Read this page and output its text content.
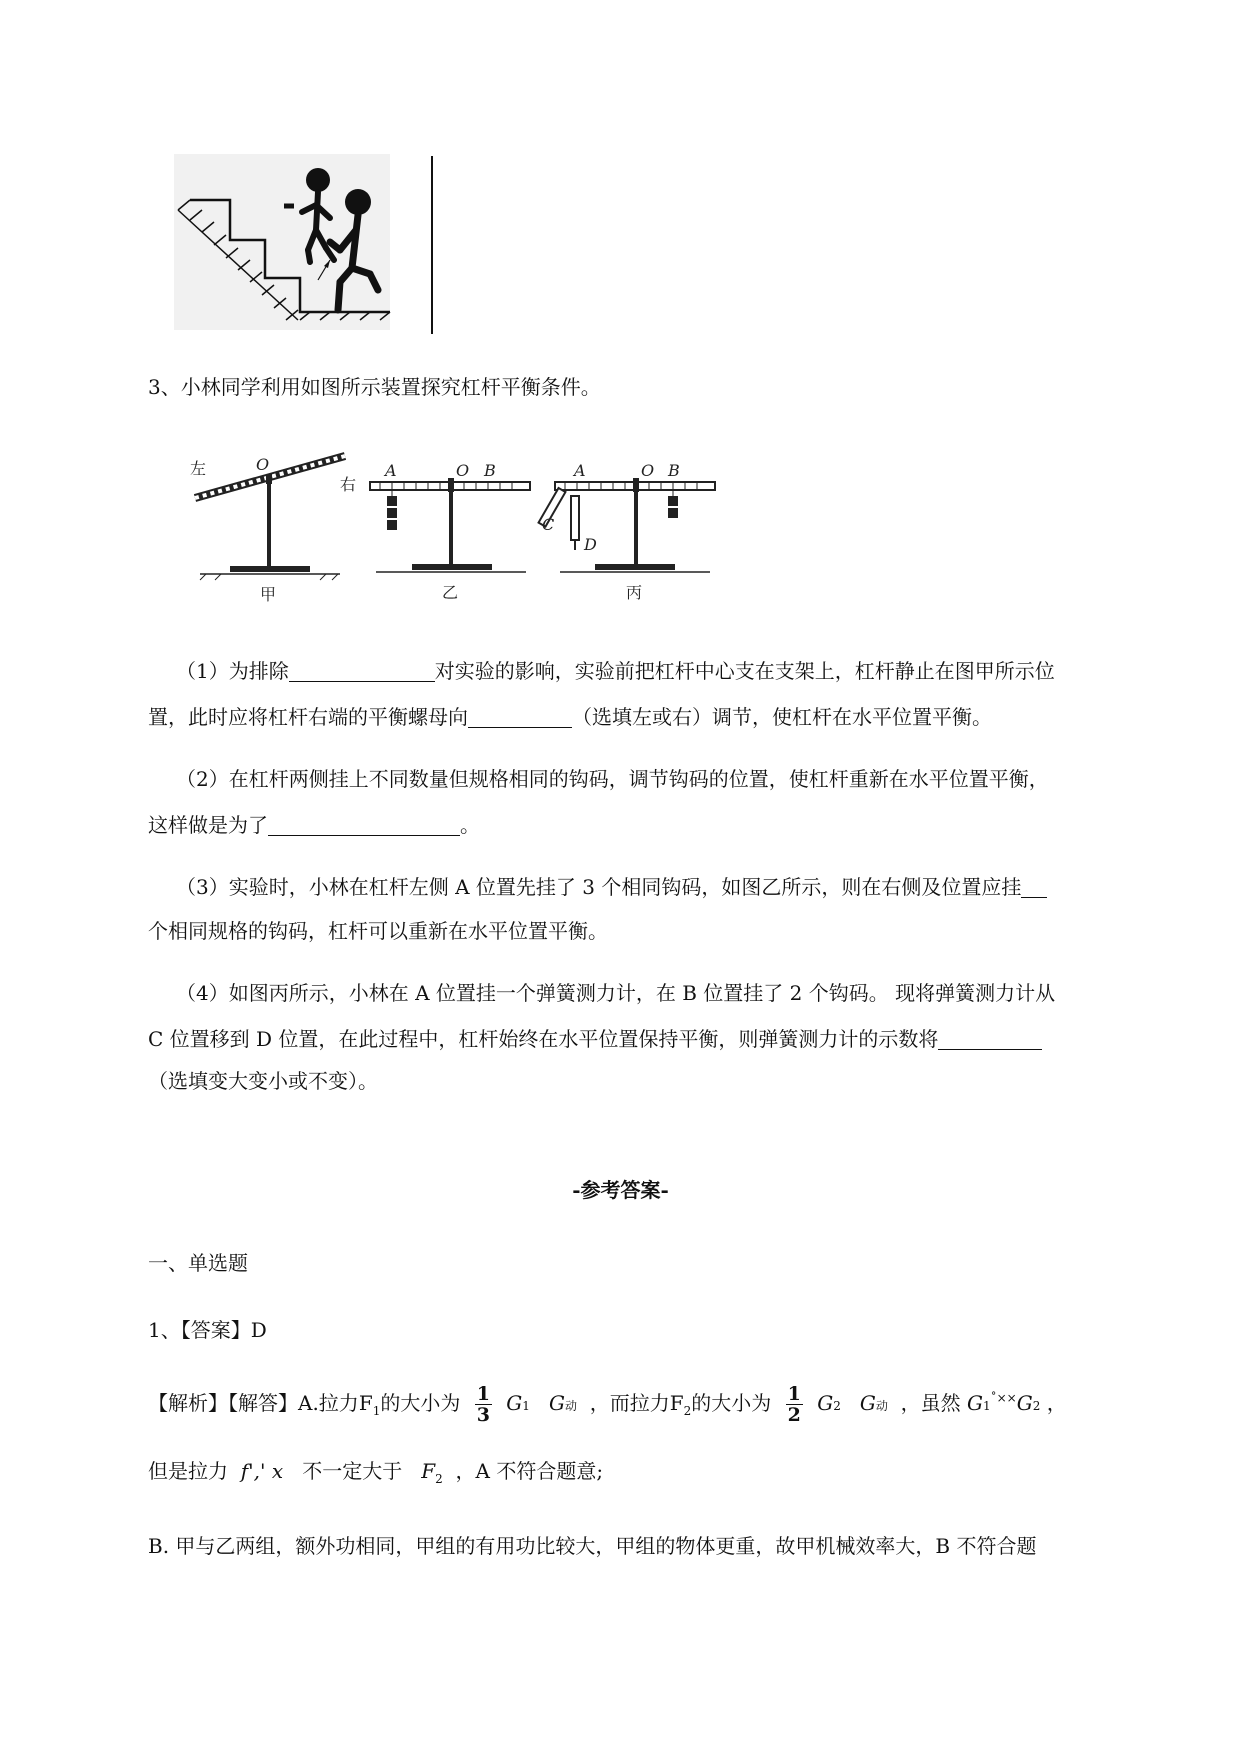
3、小林同学利用如图所示装置探究杠杆平衡条件。
左
右
O
甲
A	O B
乙
A	O B
C
D
丙
（1）为排除	对实验的影响，实验前把杠杆中心支在支架上，杠杆静止在图甲所示位
置，此时应将杠杆右端的平衡螺母向	（选填左或右）调节，使杠杆在水平位置平衡。
（2）在杠杆两侧挂上不同数量但规格相同的钩码，调节钩码的位置，使杠杆重新在水平位置平衡，
这样做是为了	。
（3）实验时，小林在杠杆左侧 A 位置先挂了 3 个相同钩码，如图乙所示，则在右侧及位置应挂
个相同规格的钩码，杠杆可以重新在水平位置平衡。
（4）如图丙所示，小林在 A 位置挂一个弹簧测力计，在 B 位置挂了 2 个钩码。 现将弹簧测力计从
C 位置移到 D 位置，在此过程中，杠杆始终在水平位置保持平衡，则弹簧测力计的示数将
（选填变大变小或不变）。
-参考答案-
一、单选题
1、【答案】D
【解析】【解答】A.拉力$F_1$的大小为 $\frac{1}{3} G1$ G动 ，而拉力$F_2$的大小为 $\frac{1}{2} G2$ G动 ，虽然 G1˚××G2 ，
但是拉力 f',' x 不一定大于 $F_2$ ，A 不符合题意;
B. 甲与乙两组，额外功相同，甲组的有用功比较大，甲组的物体更重，故甲机械效率大，B 不符合题
